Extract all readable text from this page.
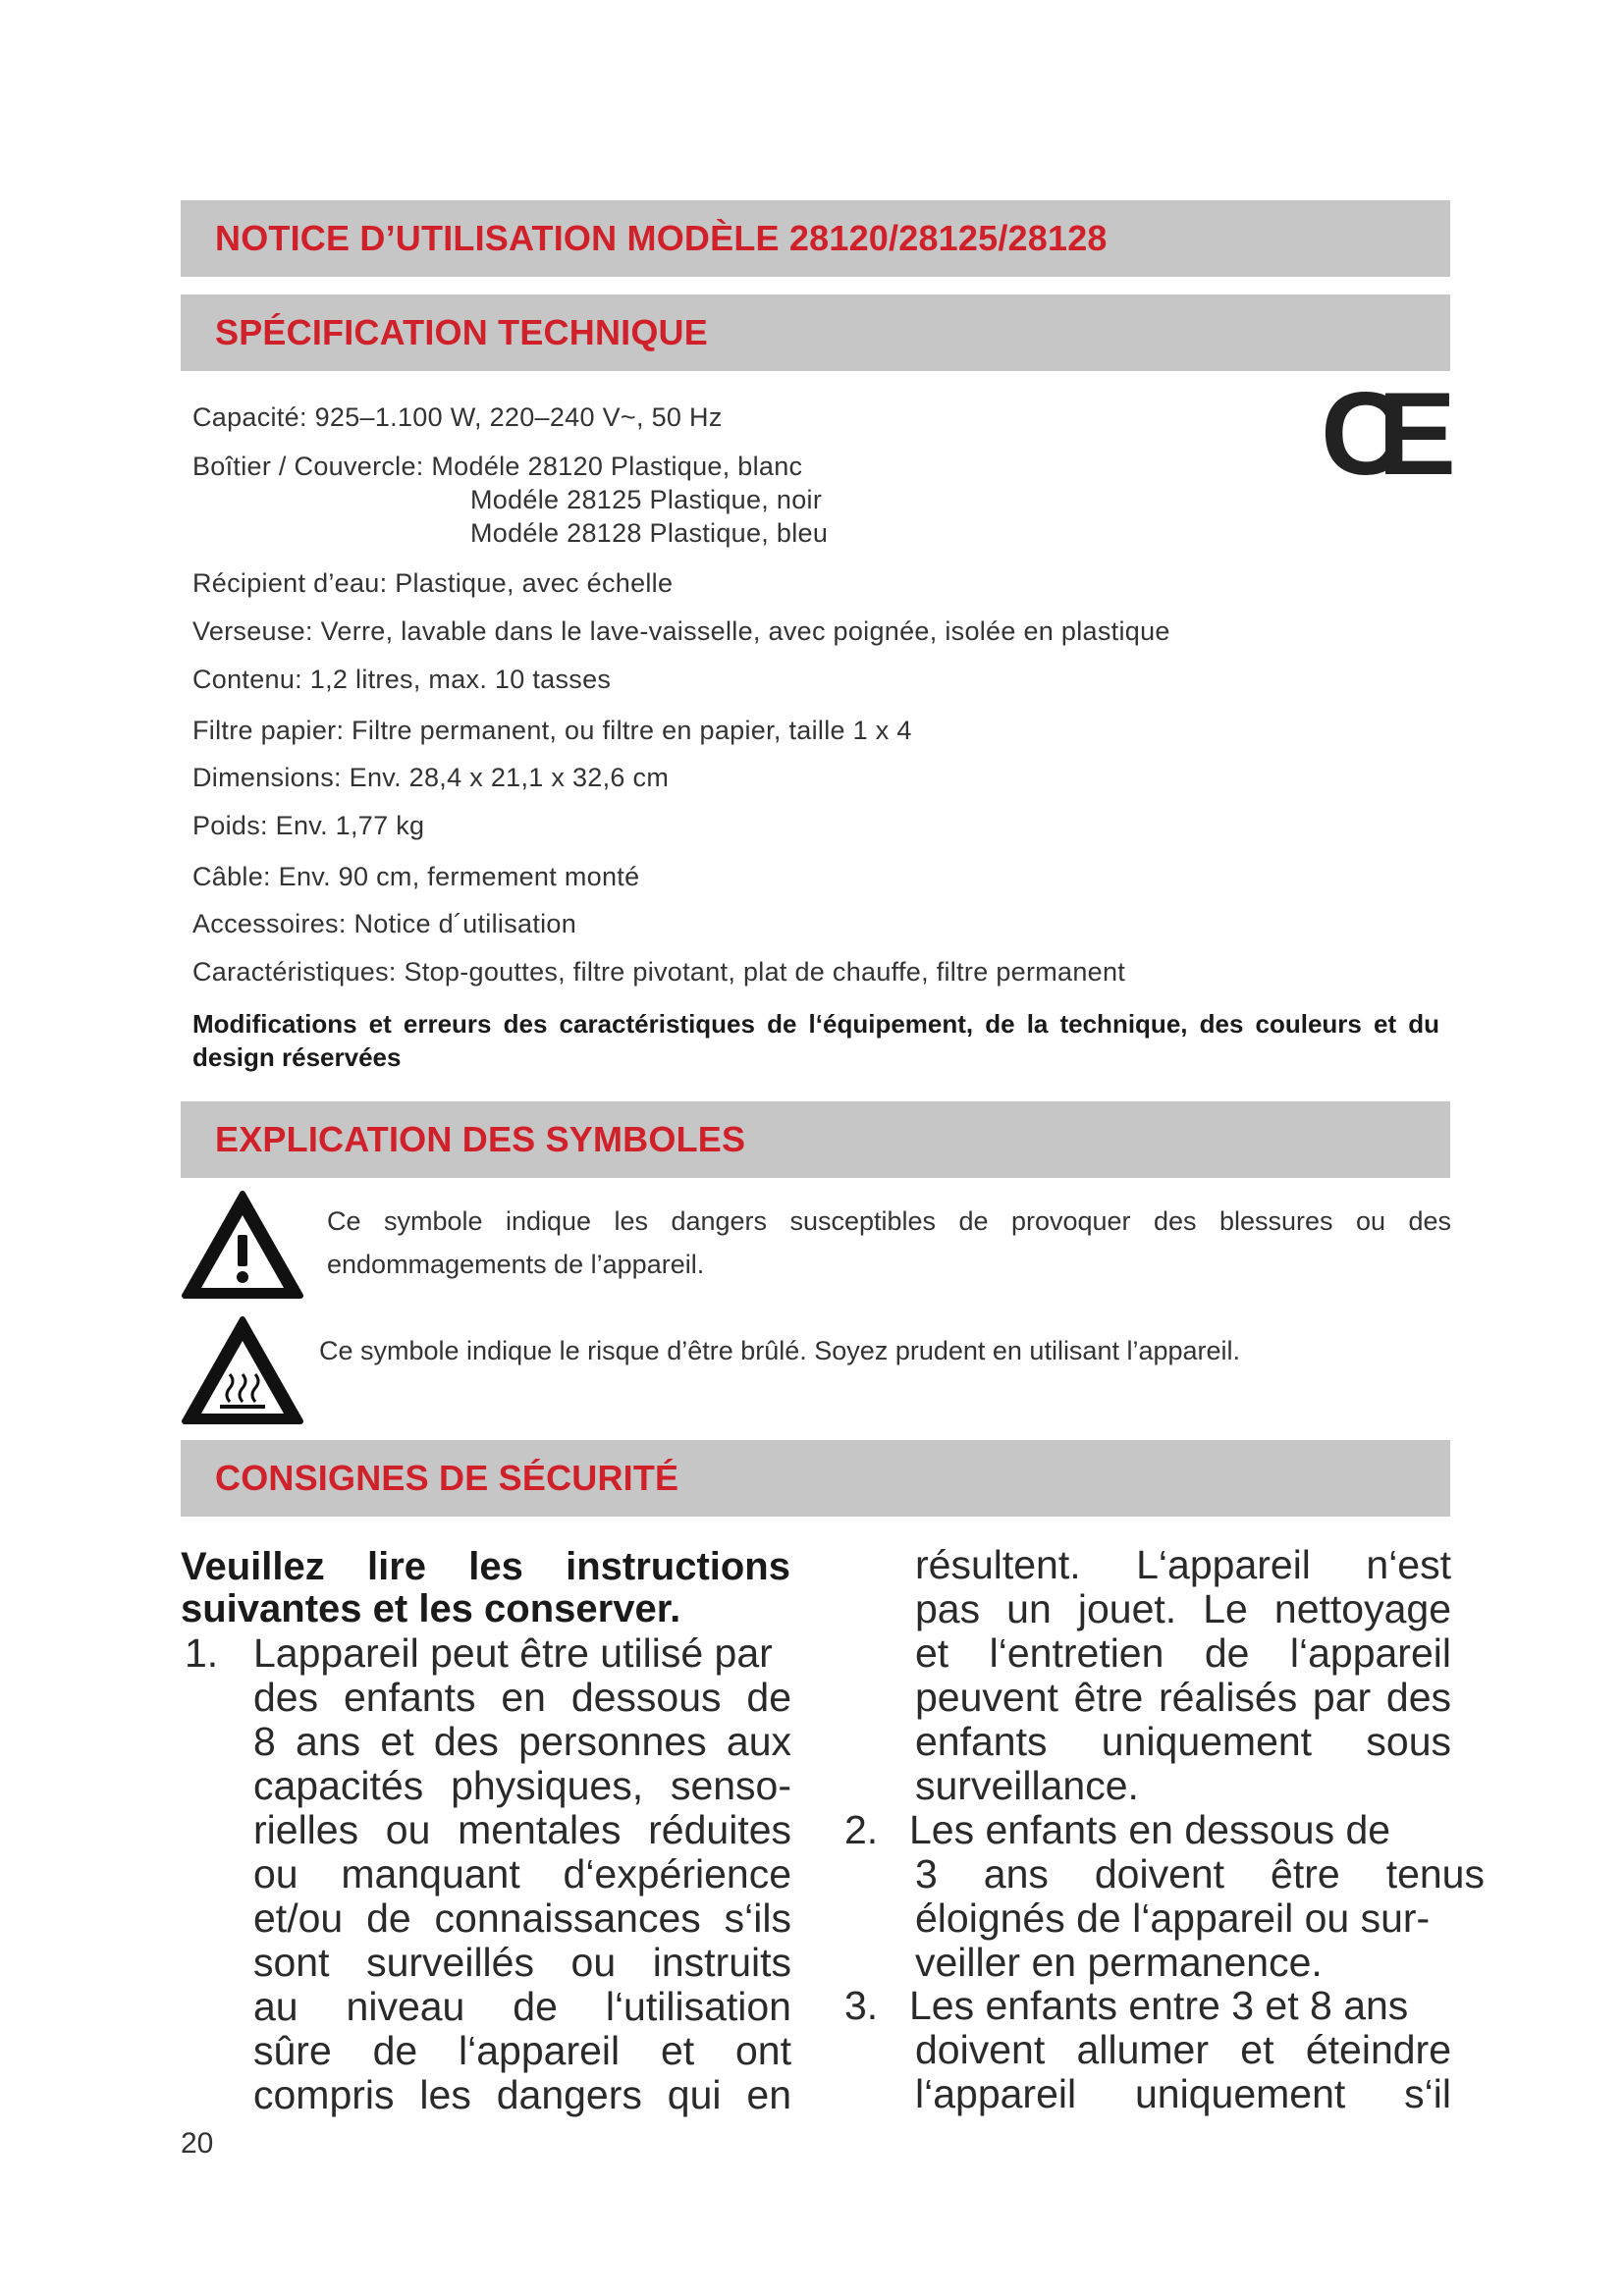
NOTICE D’UTILISATION MODÈLE 28120/28125/28128
SPÉCIFICATION TECHNIQUE
CE
Capacité: 925–1.100 W, 220–240 V~, 50 Hz
Boîtier / Couvercle: Modéle 28120 Plastique, blanc
Modéle 28125 Plastique, noir
Modéle 28128 Plastique, bleu
Récipient d’eau: Plastique, avec échelle
Verseuse: Verre, lavable dans le lave-vaisselle, avec poignée, isolée en plastique
Contenu: 1,2 litres, max. 10 tasses
Filtre papier: Filtre permanent, ou filtre en papier, taille 1 x 4
Dimensions: Env. 28,4 x 21,1 x 32,6 cm
Poids: Env. 1,77 kg
Câble: Env. 90 cm, fermement monté
Accessoires: Notice d´utilisation
Caractéristiques: Stop-gouttes, filtre pivotant, plat de chauffe, filtre permanent
Modifications et erreurs des caractéristiques de l‘équipement, de la technique, des couleurs et du design réservées
EXPLICATION DES SYMBOLES
Ce symbole indique les dangers susceptibles de provoquer des blessures ou des
endommagements de l’appareil.
Ce symbole indique le risque d’être brûlé. Soyez prudent en utilisant l’appareil.
CONSIGNES DE SÉCURITÉ
Veuillez lire les instructions
suivantes et les conserver.
1. Lappareil peut être utilisé par
des enfants en dessous de
8 ans et des personnes aux
capacités physiques, senso-
rielles ou mentales réduites
ou manquant d‘expérience
et/ou de connaissances s‘ils
sont surveillés ou instruits
au niveau de l‘utilisation
sûre de l‘appareil et ont
compris les dangers qui en
résultent. L‘appareil n‘est
pas un jouet. Le nettoyage
et l‘entretien de l‘appareil
peuvent être réalisés par des
enfants uniquement sous
surveillance.
2. Les enfants en dessous de
3 ans doivent être tenus
éloignés de l‘appareil ou sur-
veiller en permanence.
3. Les enfants entre 3 et 8 ans
doivent allumer et éteindre
l‘appareil uniquement s‘il
20
